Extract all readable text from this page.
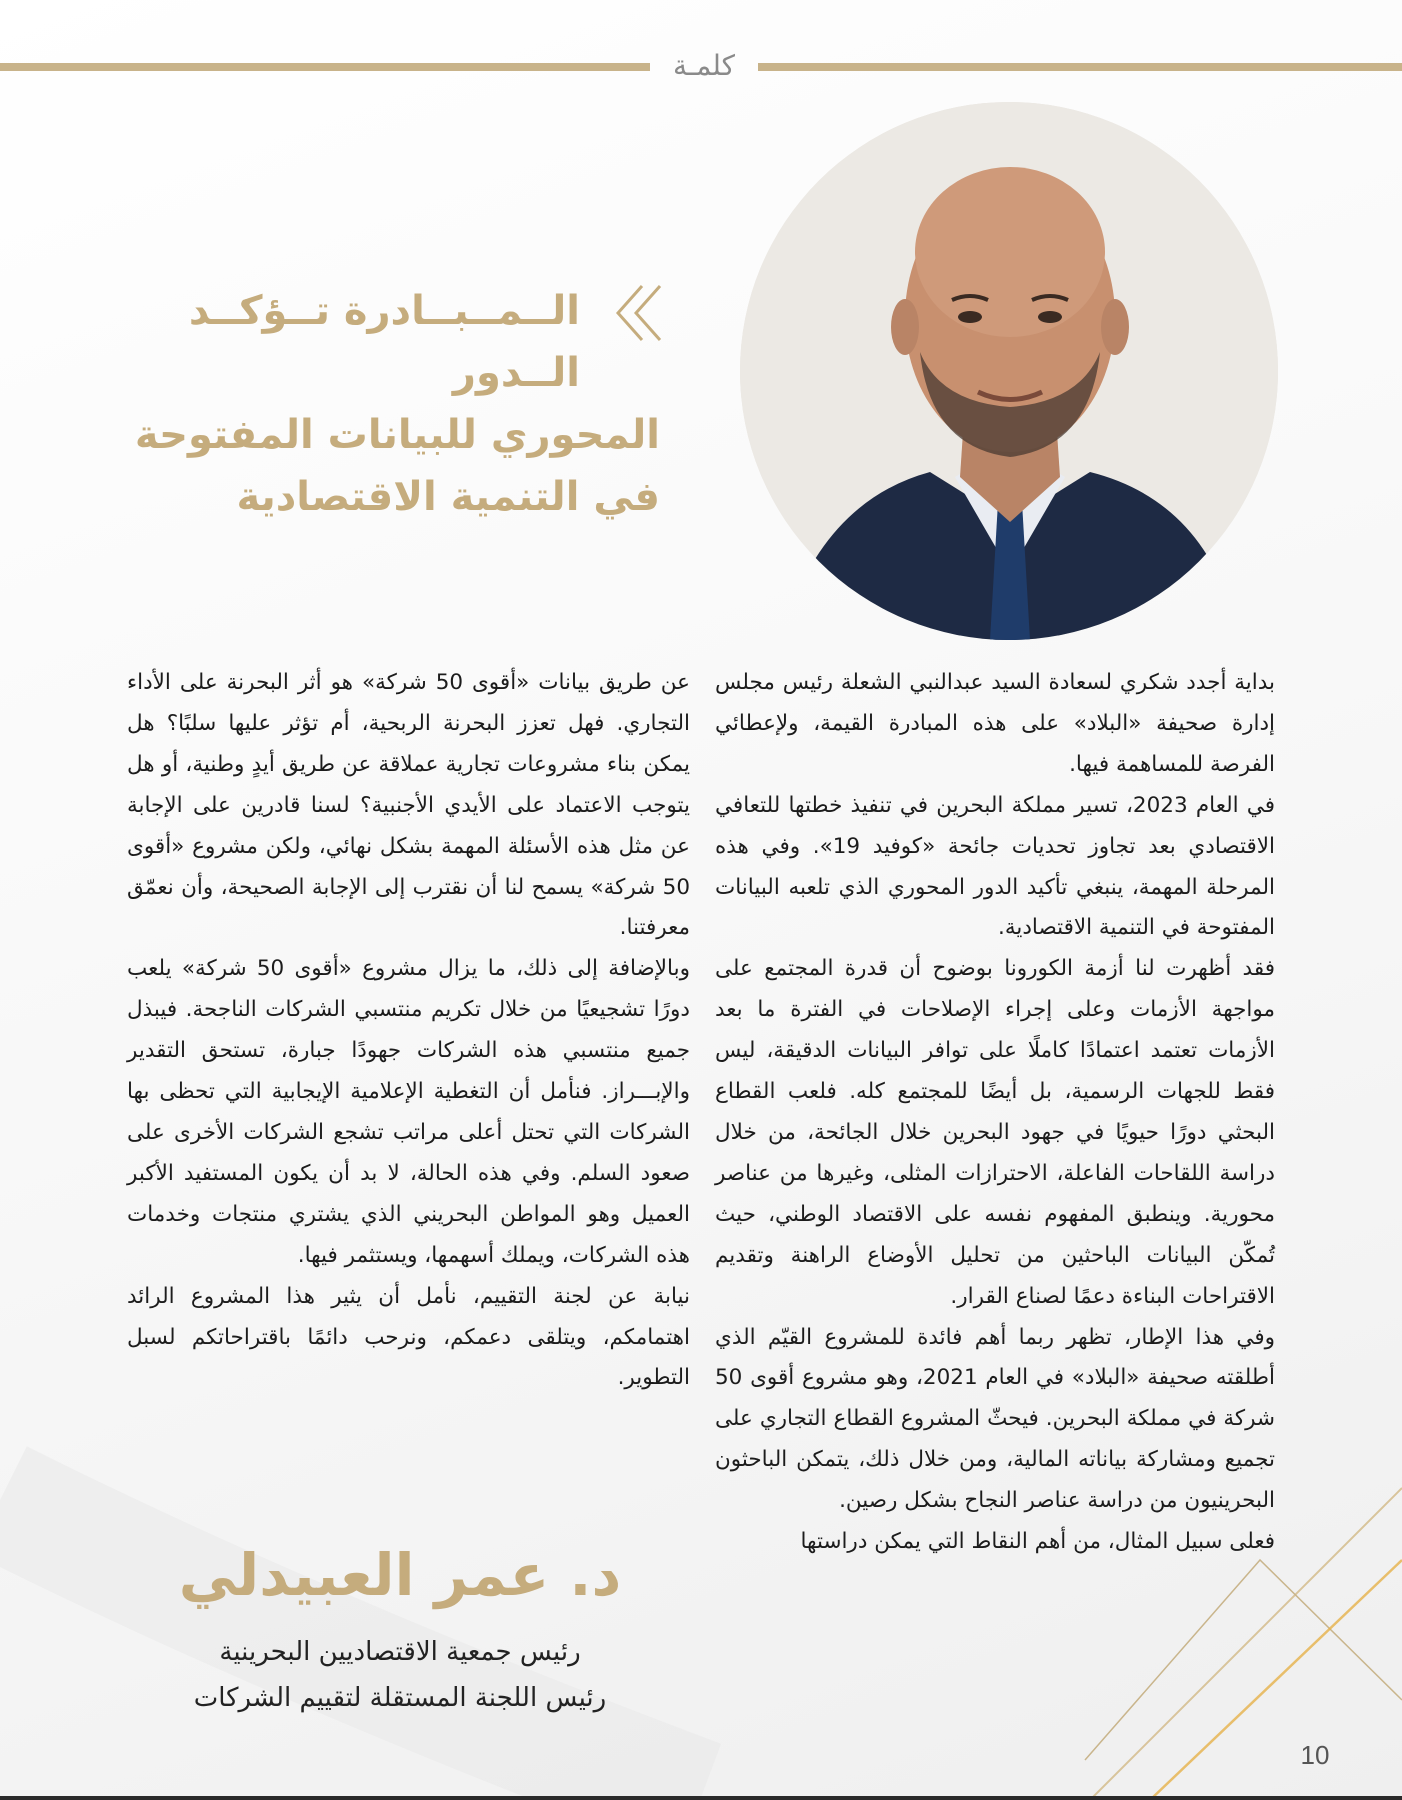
كلمـة
الــمــبــادرة تــؤكــد الــدور
المحوري للبيانات المفتوحة
في التنمية الاقتصادية

بداية أجدد شكري لسعادة السيد عبدالنبي الشعلة رئيس مجلس إدارة صحيفة «البلاد» على هذه المبادرة القيمة، ولإعطائي الفرصة للمساهمة فيها.

في العام 2023، تسير مملكة البحرين في تنفيذ خطتها للتعافي الاقتصادي بعد تجاوز تحديات جائحة «كوفيد 19». وفي هذه المرحلة المهمة، ينبغي تأكيد الدور المحوري الذي تلعبه البيانات المفتوحة في التنمية الاقتصادية.

فقد أظهرت لنا أزمة الكورونا بوضوح أن قدرة المجتمع على مواجهة الأزمات وعلى إجراء الإصلاحات في الفترة ما بعد الأزمات تعتمد اعتمادًا كاملًا على توافر البيانات الدقيقة، ليس فقط للجهات الرسمية، بل أيضًا للمجتمع كله. فلعب القطاع البحثي دورًا حيويًا في جهود البحرين خلال الجائحة، من خلال دراسة اللقاحات الفاعلة، الاحترازات المثلى، وغيرها من عناصر محورية. وينطبق المفهوم نفسه على الاقتصاد الوطني، حيث تُمكّن البيانات الباحثين من تحليل الأوضاع الراهنة وتقديم الاقتراحات البناءة دعمًا لصناع القرار.

وفي هذا الإطار، تظهر ربما أهم فائدة للمشروع القيّم الذي أطلقته صحيفة «البلاد» في العام 2021، وهو مشروع أقوى 50 شركة في مملكة البحرين. فيحثّ المشروع القطاع التجاري على تجميع ومشاركة بياناته المالية، ومن خلال ذلك، يتمكن الباحثون البحرينيون من دراسة عناصر النجاح بشكل رصين.

فعلى سبيل المثال، من أهم النقاط التي يمكن دراستها

عن طريق بيانات «أقوى 50 شركة» هو أثر البحرنة على الأداء التجاري. فهل تعزز البحرنة الربحية، أم تؤثر عليها سلبًا؟ هل يمكن بناء مشروعات تجارية عملاقة عن طريق أيدٍ وطنية، أو هل يتوجب الاعتماد على الأيدي الأجنبية؟ لسنا قادرين على الإجابة عن مثل هذه الأسئلة المهمة بشكل نهائي، ولكن مشروع «أقوى 50 شركة» يسمح لنا أن نقترب إلى الإجابة الصحيحة، وأن نعمّق معرفتنا.

وبالإضافة إلى ذلك، ما يزال مشروع «أقوى 50 شركة» يلعب دورًا تشجيعيًا من خلال تكريم منتسبي الشركات الناجحة. فيبذل جميع منتسبي هذه الشركات جهودًا جبارة، تستحق التقدير والإبـــراز. فنأمل أن التغطية الإعلامية الإيجابية التي تحظى بها الشركات التي تحتل أعلى مراتب تشجع الشركات الأخرى على صعود السلم. وفي هذه الحالة، لا بد أن يكون المستفيد الأكبر العميل وهو المواطن البحريني الذي يشتري منتجات وخدمات هذه الشركات، ويملك أسهمها، ويستثمر فيها.

نيابة عن لجنة التقييم، نأمل أن يثير هذا المشروع الرائد اهتمامكم، ويتلقى دعمكم، ونرحب دائمًا باقتراحاتكم لسبل التطوير.

د. عمر العبيدلي
رئيس جمعية الاقتصاديين البحرينية
رئيس اللجنة المستقلة لتقييم الشركات
10
